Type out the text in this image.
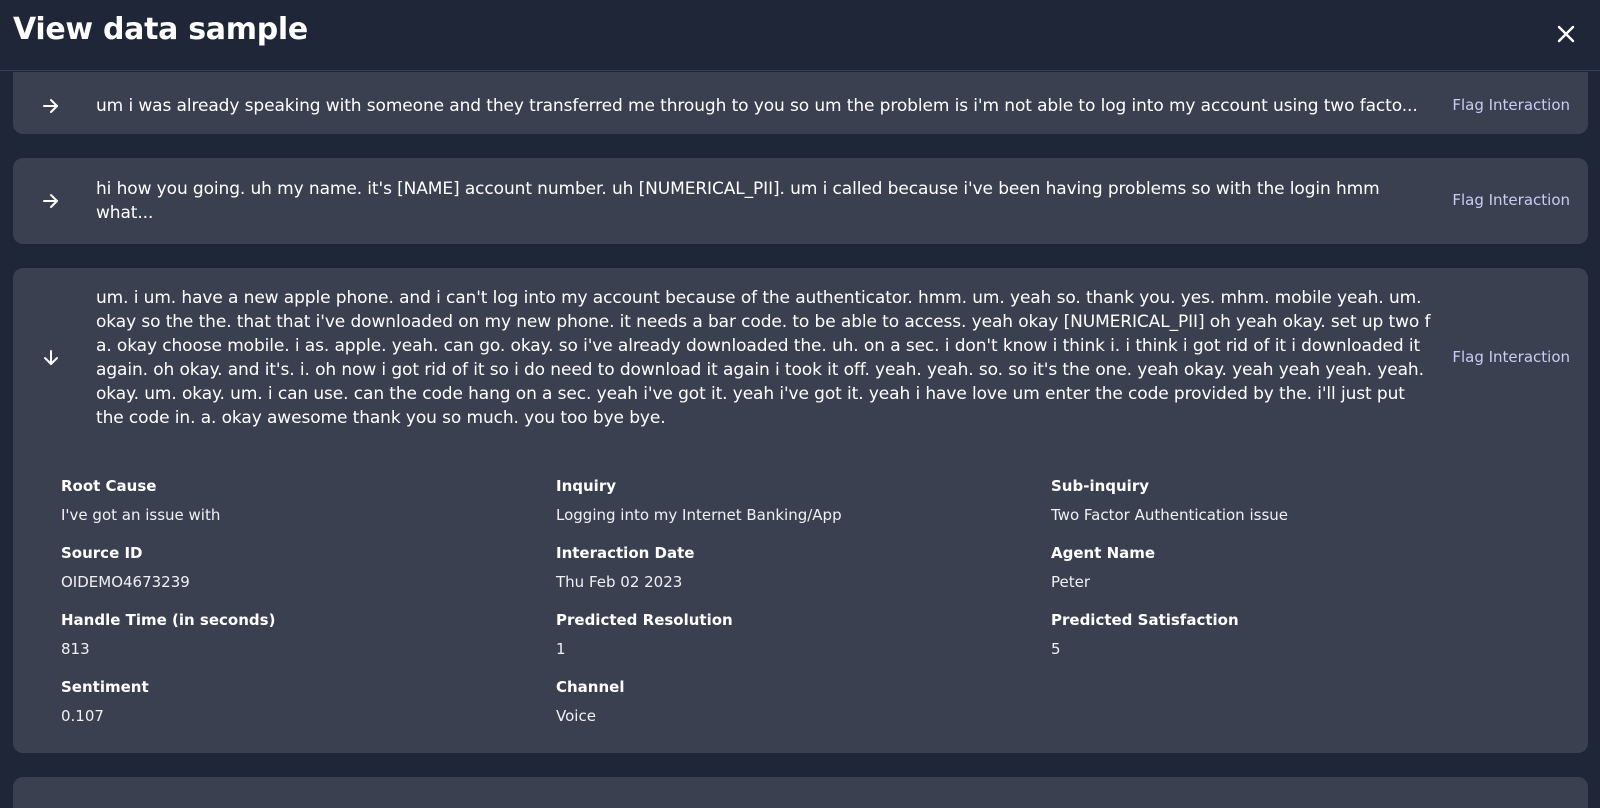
View data sample
um i was already speaking with someone and they transferred me through to you so um the problem is i'm not able to log into my account using two facto...	Flag Interaction
hi how you going. uh my name. it's [NAME] account number. uh [NUMERICAL_PII]. um i called because i've been having problems so with the login hmm what...
Flag Interaction
um. i um. have a new apple phone. and i can't log into my account because of the authenticator. hmm. um. yeah so. thank you. yes. mhm. mobile yeah. um. okay so the the. that that i've downloaded on my new phone. it needs a bar code. to be able to access. yeah okay [NUMERICAL_PII] oh yeah okay. set up two f a. okay choose mobile. i as. apple. yeah. can go. okay. so i've already downloaded the. uh. on a sec. i don't know i think i. i think i got rid of it i downloaded it again. oh okay. and it's. i. oh now i got rid of it so i do need to download it again i took it off. yeah. yeah. so. so it's the one. yeah okay. yeah yeah yeah. yeah. okay. um. okay. um. i can use. can the code hang on a sec. yeah i've got it. yeah i've got it. yeah i have love um enter the code provided by the. i'll just put the code in. a. okay awesome thank you so much. you too bye bye.
Flag Interaction
Root Cause
I've got an issue with
Inquiry
Logging into my Internet Banking/App
Sub-inquiry
Two Factor Authentication issue
Source ID
OIDEMO4673239
Interaction Date
Thu Feb 02 2023
Agent Name
Peter
Handle Time (in seconds)
813
Predicted Resolution
1
Predicted Satisfaction
5
Sentiment
0.107
Channel
Voice
